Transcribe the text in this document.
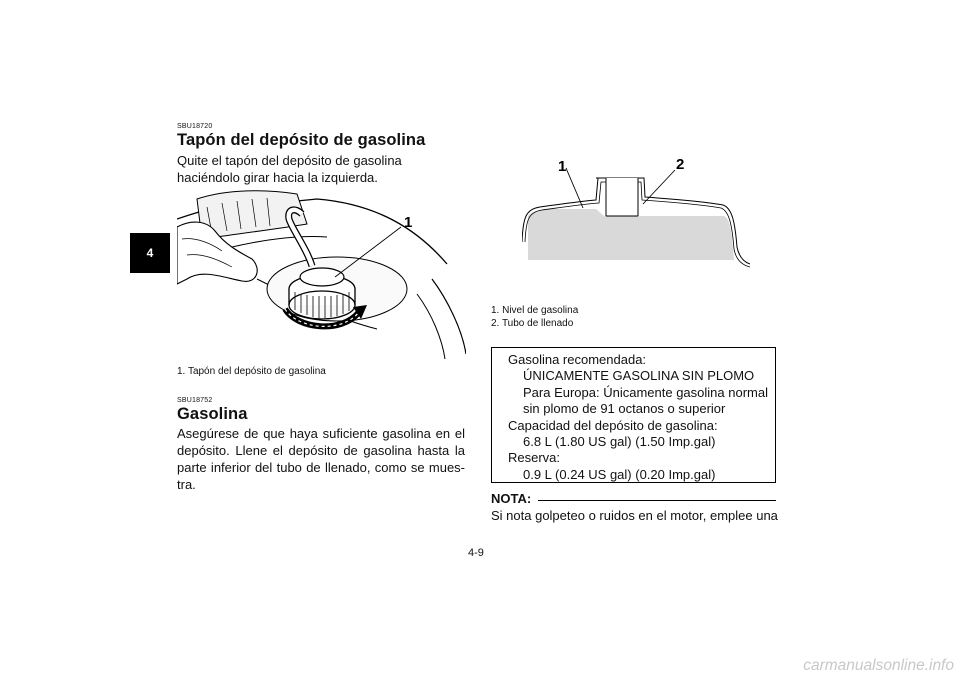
4
SBU18720
Tapón del depósito de gasolina
Quite el tapón del depósito de gasolina haciéndolo girar hacia la izquierda.
1
1. Tapón del depósito de gasolina
SBU18752
Gasolina
Asegúrese de que haya suficiente gasolina en el depósito. Llene el depósito de gasolina hasta la parte inferior del tubo de llenado, como se mues-tra.
1	2
1. Nivel de gasolina
2. Tubo de llenado
Gasolina recomendada:
ÚNICAMENTE GASOLINA SIN PLOMO
Para Europa: Únicamente gasolina normal
sin plomo de 91 octanos o superior
Capacidad del depósito de gasolina:
6.8 L (1.80 US gal) (1.50 Imp.gal)
Reserva:
0.9 L (0.24 US gal) (0.20 Imp.gal)
NOTA:
Si nota golpeteo o ruidos en el motor, emplee una
4-9
carmanualsonline.info
